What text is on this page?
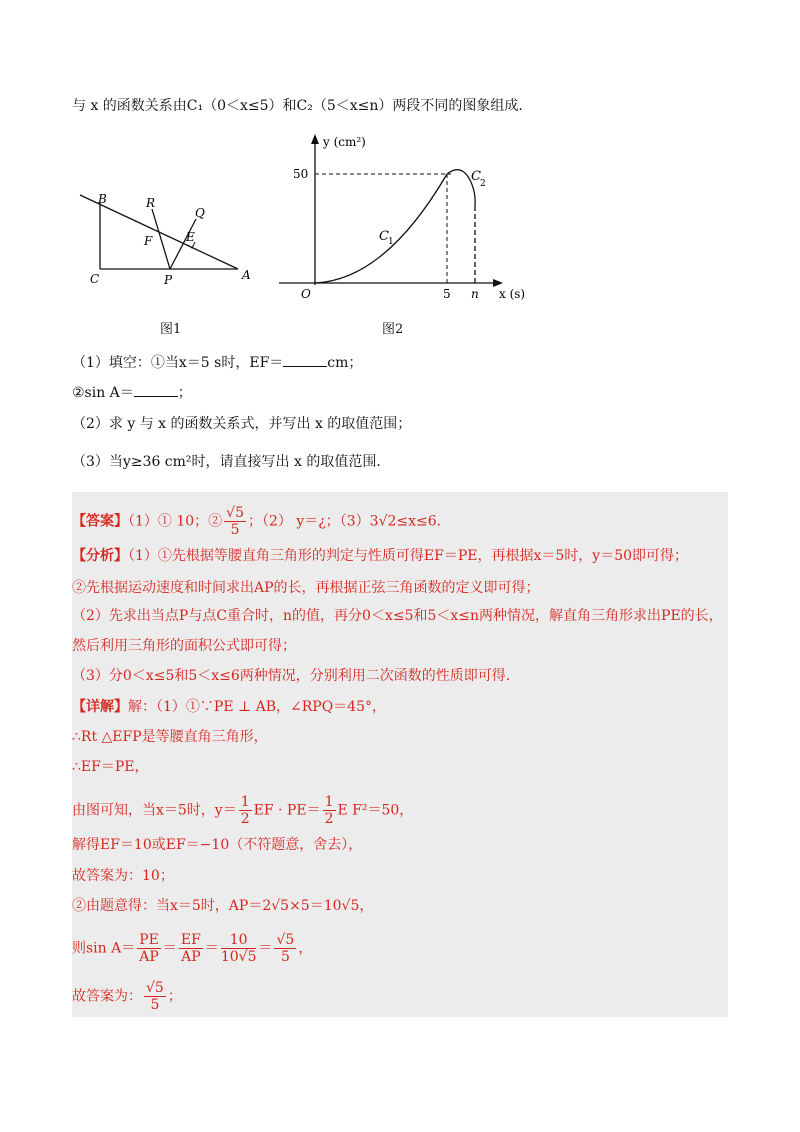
与 x 的函数关系由C₁（0＜x≤5）和C₂（5＜x≤n）两段不同的图象组成.
B	R
Q
F	E
C	P	A
图1
y (cm²)
x (s)
O
50
5 n
C 1
C 2
图2
（1）填空：①当x＝5 s时，EF＝	cm；
②sin A＝	；
（2）求 y 与 x 的函数关系式，并写出 x 的取值范围；
（3）当y≥36 cm²时，请直接写出 x 的取值范围.
【答案】（1）① 10；② $\frac{√5}{5}$ ；（2） y＝¿；（3）3√2≤x≤6.
【分析】（1）①先根据等腰直角三角形的判定与性质可得EF＝PE，再根据x＝5时，y＝50即可得；
②先根据运动速度和时间求出AP的长，再根据正弦三角函数的定义即可得；
（2）先求出当点P与点C重合时，n的值，再分0＜x≤5和5＜x≤n两种情况，解直角三角形求出PE的长，
然后利用三角形的面积公式即可得；
（3）分0＜x≤5和5＜x≤6两种情况，分别利用二次函数的性质即可得.
【详解】解：（1）①∵PE ⊥ AB，∠RPQ＝45°，
∴Rt △EFP是等腰直角三角形，
∴EF＝PE，
由图可知，当x＝5时，$y= \frac{1}{2}$ EF · $PE= \frac{1}{2}$ E F²＝50，
解得EF＝10或EF＝−10（不符题意，舍去），
故答案为：10；
②由题意得：当x＝5时，AP＝2√5×5＝10√5，
则$\sin A= \frac{PE}{AP} = \frac{EF}{AP} = \frac{10}{10√5} = \frac{√5}{5}$ ，
故答案为： $\frac{√5}{5}$ ；
